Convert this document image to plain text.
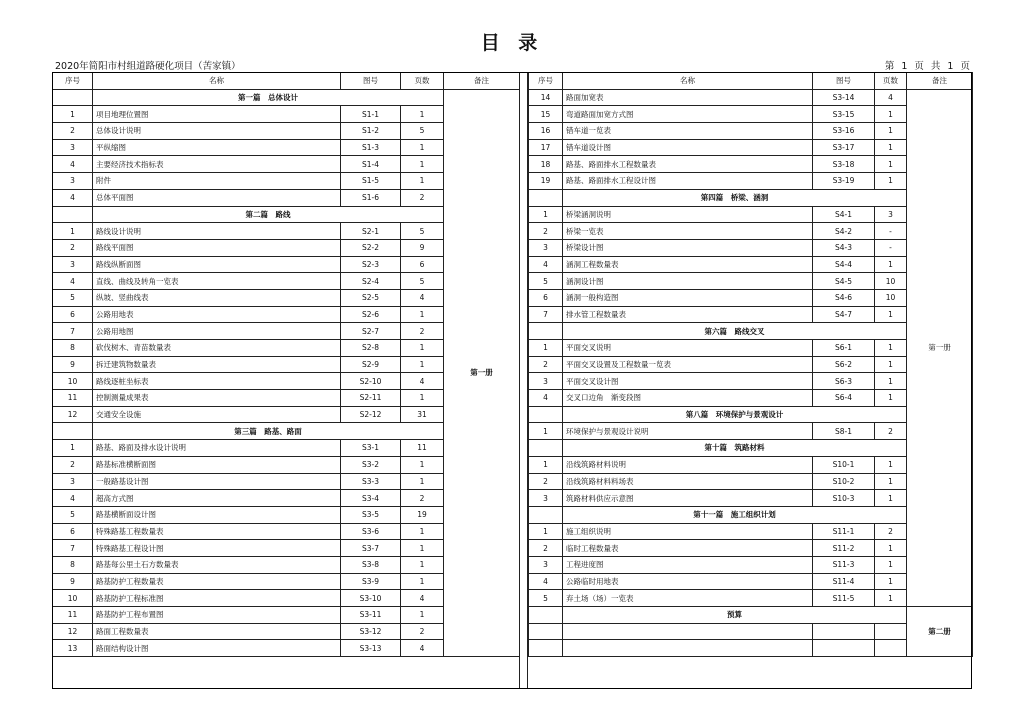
目 录
2020年简阳市村组道路硬化项目（苦家镇）	第 1 页 共 1 页
序号	名称	图号	页数	备注
	第一篇　总体设计			第一册
1	项目地理位置图	S1-1	1	
2	总体设计说明	S1-2	5	
3	平纵缩图	S1-3	1	
4	主要经济技术指标表	S1-4	1	
3	附件	S1-5	1	
4	总体平面图	S1-6	2	
	第二篇　路线			
1	路线设计说明	S2-1	5	
2	路线平面图	S2-2	9	
3	路线纵断面图	S2-3	6	
4	直线、曲线及转角一览表	S2-4	5	
5	纵坡、竖曲线表	S2-5	4	
6	公路用地表	S2-6	1	
7	公路用地图	S2-7	2	
8	砍伐树木、青苗数量表	S2-8	1	
9	拆迁建筑物数量表	S2-9	1	
10	路线逐桩坐标表	S2-10	4	
11	控制测量成果表	S2-11	1	
12	交通安全设施	S2-12	31	
	第三篇　路基、路面			
1	路基、路面及排水设计说明	S3-1	11	
2	路基标准横断面图	S3-2	1	
3	一般路基设计图	S3-3	1	
4	超高方式图	S3-4	2	
5	路基横断面设计图	S3-5	19	
6	特殊路基工程数量表	S3-6	1	
7	特殊路基工程设计图	S3-7	1	
8	路基每公里土石方数量表	S3-8	1	
9	路基防护工程数量表	S3-9	1	
10	路基防护工程标准图	S3-10	4	
11	路基防护工程布置图	S3-11	1	
12	路面工程数量表	S3-12	2	
13	路面结构设计图	S3-13	4	
序号	名称	图号	页数	备注
14	路面加宽表	S3-14	4	第一册
15	弯道路面加宽方式图	S3-15	1	
16	错车道一览表	S3-16	1	
17	错车道设计图	S3-17	1	
18	路基、路面排水工程数量表	S3-18	1	
19	路基、路面排水工程设计图	S3-19	1	
	第四篇　桥梁、涵洞			
1	桥梁涵洞说明	S4-1	3	
2	桥梁一览表	S4-2	-	
3	桥梁设计图	S4-3	-	
4	涵洞工程数量表	S4-4	1	
5	涵洞设计图	S4-5	10	
6	涵洞一般构造图	S4-6	10	
7	排水管工程数量表	S4-7	1	
	第六篇　路线交叉			
1	平面交叉说明	S6-1	1	
2	平面交叉设置及工程数量一览表	S6-2	1	
3	平面交叉设计图	S6-3	1	
4	交叉口边角　渐变段图	S6-4	1	
	第八篇　环境保护与景观设计			
1	环境保护与景观设计说明	S8-1	2	
	第十篇　筑路材料			
1	沿线筑路材料说明	S10-1	1	
2	沿线筑路材料料场表	S10-2	1	
3	筑路材料供应示意图	S10-3	1	
	第十一篇　施工组织计划			
1	施工组织说明	S11-1	2	
2	临时工程数量表	S11-2	1	
3	工程进度图	S11-3	1	
4	公路临时用地表	S11-4	1	
5	弃土场（场）一览表	S11-5	1	
	预算			第二册
